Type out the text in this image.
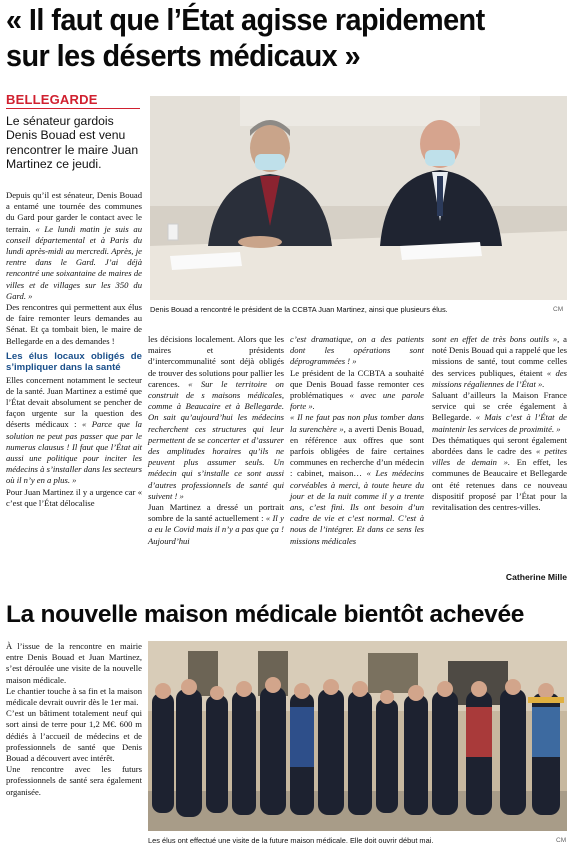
« Il faut que l’État agisse rapidement
sur les déserts médicaux »
BELLEGARDE

Le sénateur gardois Denis Bouad est venu rencontrer le maire Juan Martinez ce jeudi.

Denis Bouad a rencontré le président de la CCBTA Juan Martinez, ainsi que plusieurs élus.	CM

Depuis qu’il est sénateur, Denis Bouad a entamé une tournée des communes du Gard pour garder le contact avec le terrain. « Le lundi matin je suis au conseil départemental et à Paris du lundi après-midi au mercredi. Après, je rentre dans le Gard. J’ai déjà rencontré une soixantaine de maires de villes et de villages sur les 350 du Gard. »

Des rencontres qui permettent aux élus de faire remonter leurs demandes au Sénat. Et ça tombait bien, le maire de Bellegarde en a des demandes !

Les élus locaux obligés de s’impliquer dans la santé

Elles concernent notamment le secteur de la santé. Juan Martinez a estimé que l’État devait absolument se pencher de façon urgente sur la question des déserts médicaux : « Parce que la solution ne peut pas passer que par le numerus clausus ! Il faut que l’État ait aussi une politique pour inciter les médecins à s’installer dans les secteurs où il n’y en a plus. »

Pour Juan Martinez il y a urgence car « c’est que l’État délocalise

les décisions localement. Alors que les maires et présidents d’intercommunalité sont déjà obligés de trouver des solutions pour pallier les carences. « Sur le territoire on construit de s maisons médicales, comme à Beaucaire et à Bellegarde. On sait qu’aujourd’hui les médecins recherchent ces structures qui leur permettent de se concerter et d’assurer des amplitudes horaires qu’ils ne peuvent plus assumer seuls. Un médecin qui s’installe ce sont aussi d’autres professionnels de santé qui suivent ! »

Juan Martinez a dressé un portrait sombre de la santé actuellement : « Il y a eu le Covid mais il n’y a pas que ça ! Aujourd’hui

c’est dramatique, on a des patients dont les opérations sont déprogrammées ! »

Le président de la CCBTA a souhaité que Denis Bouad fasse remonter ces problématiques « avec une parole forte ».

« Il ne faut pas non plus tomber dans la surenchère », a averti Denis Bouad, en référence aux offres que sont parfois obligées de faire certaines communes en recherche d’un médecin : cabinet, maison… « Les médecins corvéables à merci, à toute heure du jour et de la nuit comme il y a trente ans, c’est fini. Ils ont besoin d’un cadre de vie et c’est normal. C’est à nous de l’intégrer. Et dans ce sens les missions médicales

sont en effet de très bons outils », a noté Denis Bouad qui a rappelé que les missions de santé, tout comme celles des services publiques, étaient « des missions régaliennes de l’État ».

Saluant d’ailleurs la Maison France service qui se crée également à Bellegarde. « Mais c’est à l’État de maintenir les services de proximité. »

Des thématiques qui seront également abordées dans le cadre des « petites villes de demain ». En effet, les communes de Beaucaire et Bellegarde ont été retenues dans ce nouveau dispositif proposé par l’État pour la revitalisation des centres-villes.

Catherine Mille
La nouvelle maison médicale bientôt achevée

À l’issue de la rencontre en mairie entre Denis Bouad et Juan Martinez, s’est déroulée une visite de la nouvelle maison médicale.

Le chantier touche à sa fin et la maison médicale devrait ouvrir dès le 1er mai.

C’est un bâtiment totalement neuf qui sort ainsi de terre pour 1,2 M€. 600 m dédiés à l’accueil de médecins et de professionnels de santé que Denis Bouad a découvert avec intérêt.

Une rencontre avec les futurs professionnels de santé sera également organisée.

Les élus ont effectué une visite de la future maison médicale. Elle doit ouvrir début mai.	CM
